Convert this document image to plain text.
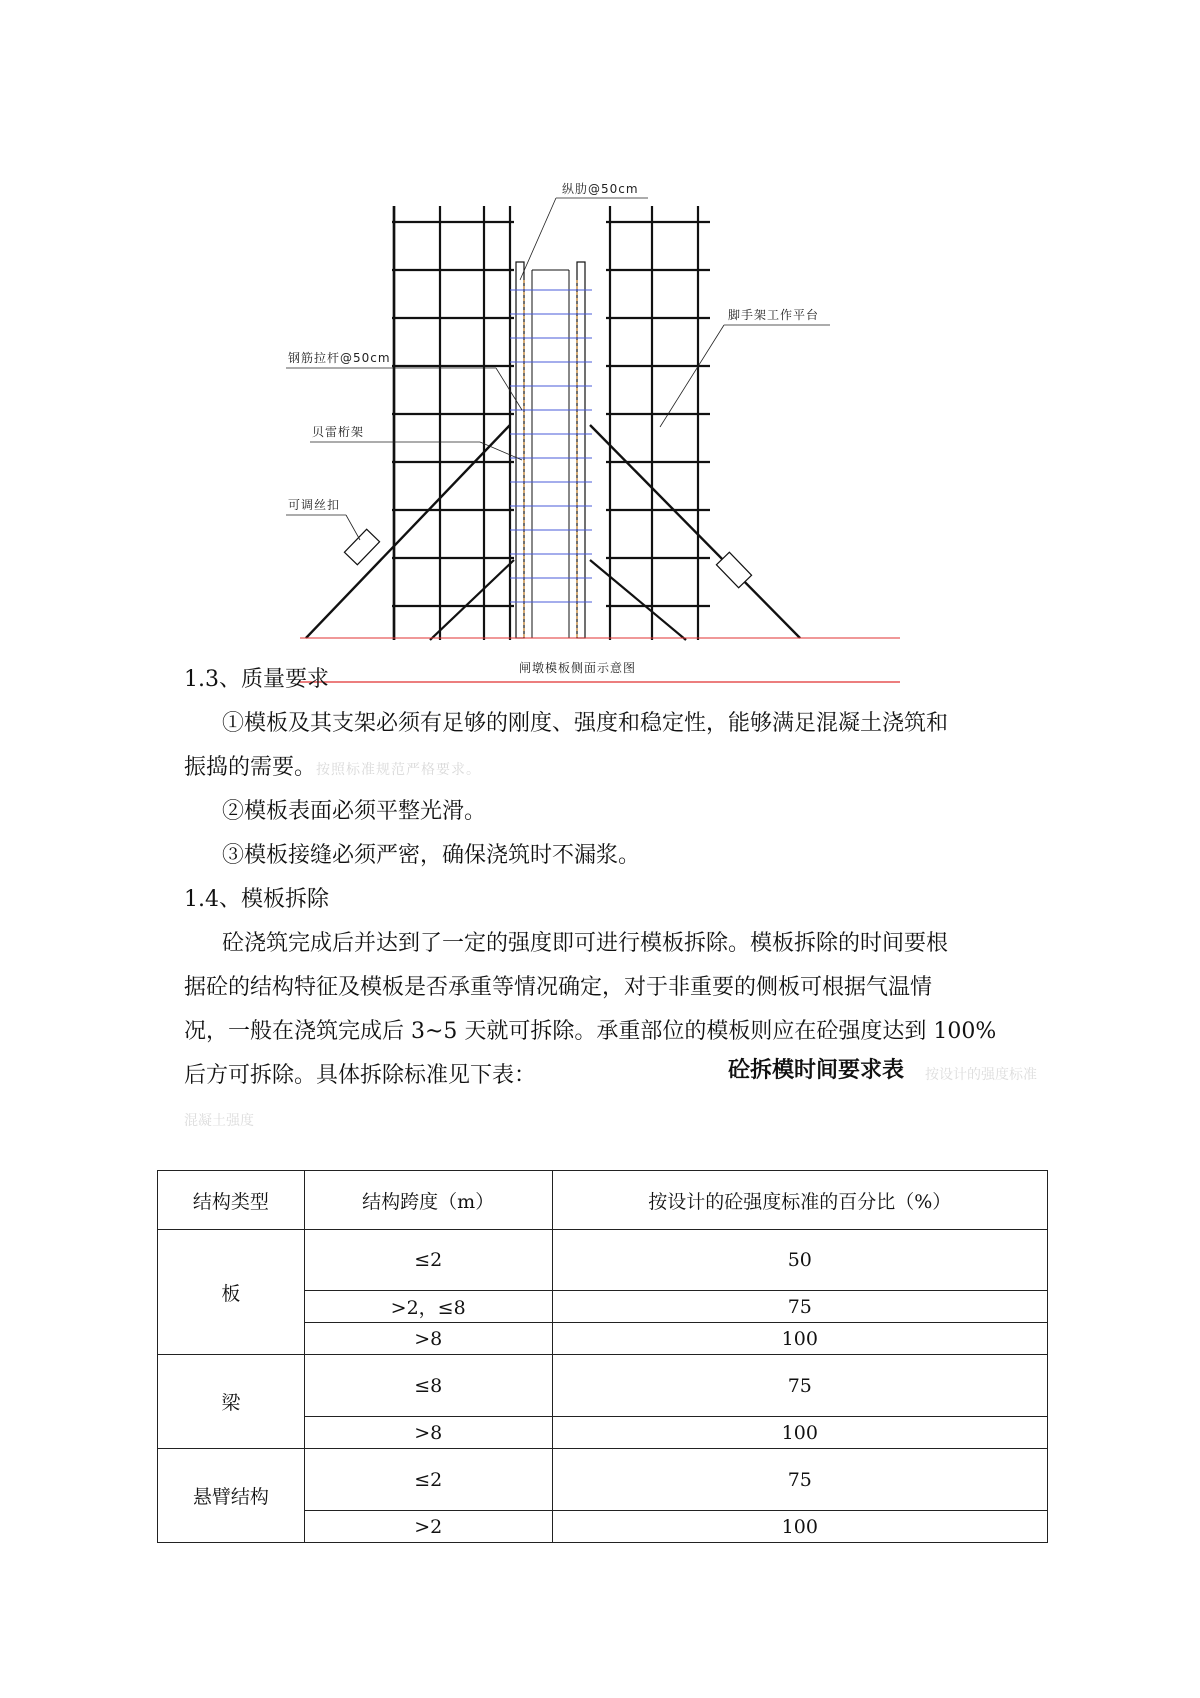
闸墩模板侧面示意图
纵肋@50cm
脚手架工作平台
钢筋拉杆@50cm
贝雷桁架
可调丝扣
1.3、质量要求
①模板及其支架必须有足够的刚度、强度和稳定性，能够满足混凝土浇筑和
振捣的需要。按照标准规范严格要求。
②模板表面必须平整光滑。
③模板接缝必须严密，确保浇筑时不漏浆。
1.4、模板拆除
砼浇筑完成后并达到了一定的强度即可进行模板拆除。模板拆除的时间要根
据砼的结构特征及模板是否承重等情况确定，对于非重要的侧板可根据气温情
况，一般在浇筑完成后 3~5 天就可拆除。承重部位的模板则应在砼强度达到 100%
后方可拆除。具体拆除标准见下表：	砼拆模时间要求表 按设计的强度标准
混凝土强度
结构类型	结构跨度（m）	按设计的砼强度标准的百分比（%）
板	≤2	50
	>2，≤8	75
	>8	100
梁	≤8	75
	>8	100
悬臂结构	≤2	75
	>2	100
